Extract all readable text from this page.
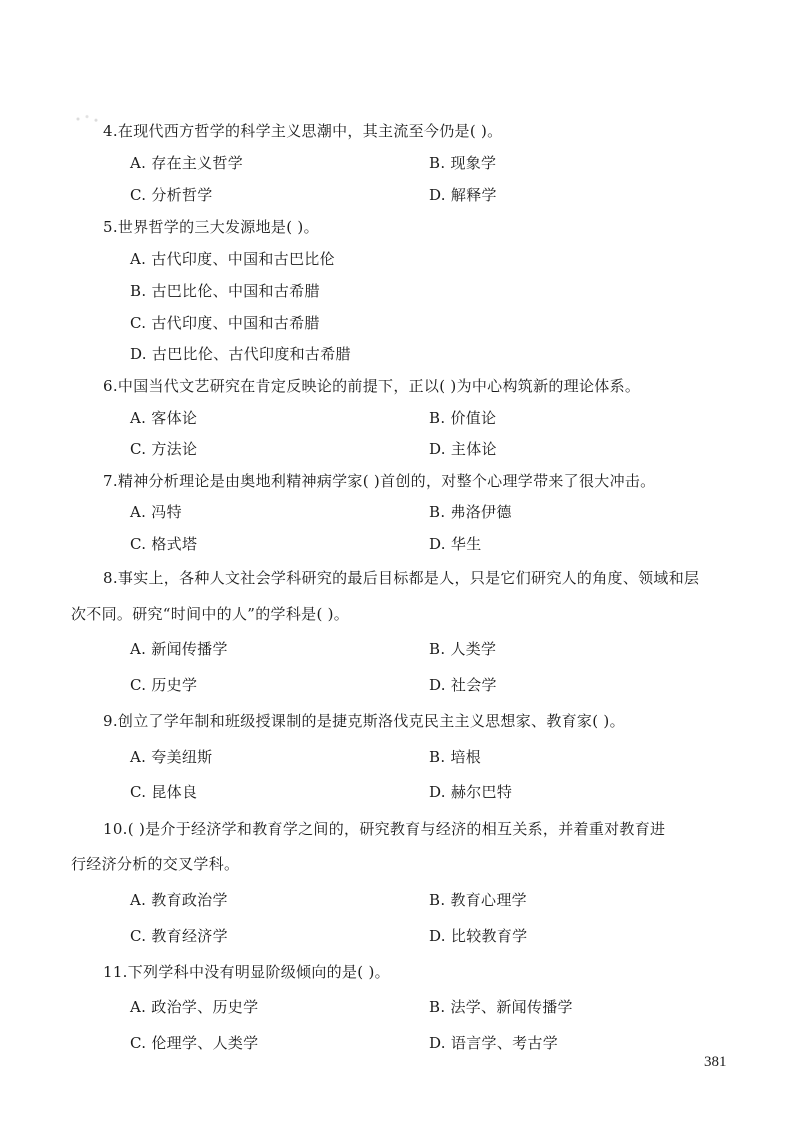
4.在现代西方哲学的科学主义思潮中，其主流至今仍是( )。
A. 存在主义哲学	B. 现象学
C. 分析哲学	D. 解释学
5.世界哲学的三大发源地是( )。
A. 古代印度、中国和古巴比伦
B. 古巴比伦、中国和古希腊
C. 古代印度、中国和古希腊
D. 古巴比伦、古代印度和古希腊
6.中国当代文艺研究在肯定反映论的前提下，正以( )为中心构筑新的理论体系。
A. 客体论	B. 价值论
C. 方法论	D. 主体论
7.精神分析理论是由奥地利精神病学家( )首创的，对整个心理学带来了很大冲击。
A. 冯特	B. 弗洛伊德
C. 格式塔	D. 华生
8.事实上，各种人文社会学科研究的最后目标都是人，只是它们研究人的角度、领域和层
次不同。研究“时间中的人”的学科是( )。
A. 新闻传播学	B. 人类学
C. 历史学	D. 社会学
9.创立了学年制和班级授课制的是捷克斯洛伐克民主主义思想家、教育家( )。
A. 夸美纽斯	B. 培根
C. 昆体良	D. 赫尔巴特
10.( )是介于经济学和教育学之间的，研究教育与经济的相互关系，并着重对教育进
行经济分析的交叉学科。
A. 教育政治学	B. 教育心理学
C. 教育经济学	D. 比较教育学
11.下列学科中没有明显阶级倾向的是( )。
A. 政治学、历史学	B. 法学、新闻传播学
C. 伦理学、人类学	D. 语言学、考古学
381
